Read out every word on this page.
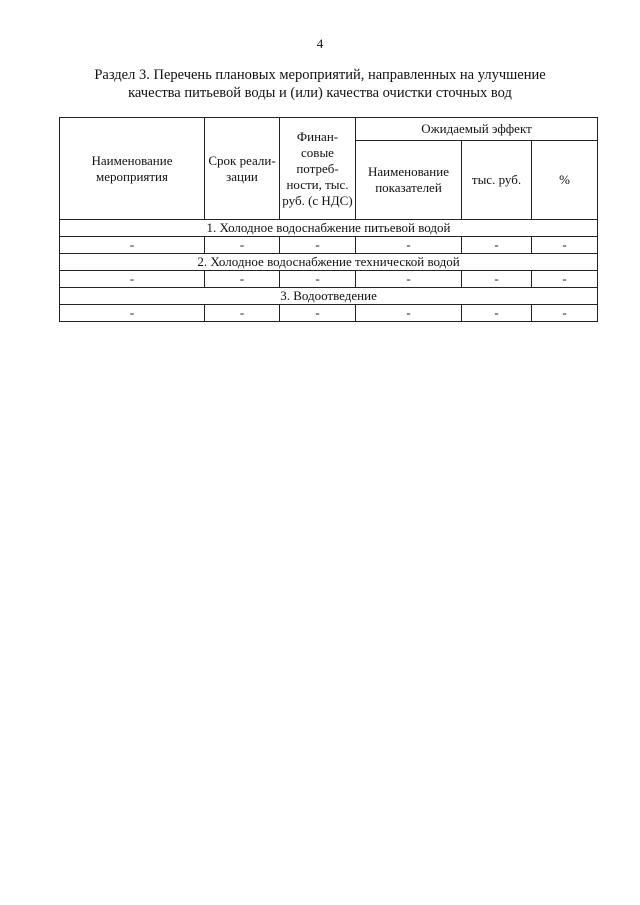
4
Раздел 3. Перечень плановых мероприятий, направленных на улучшение
качества питьевой воды и (или) качества очистки сточных вод
Наименование мероприятия	Срок реали-зации	Финан-совые потреб-ности, тыс. руб. (с НДС)	Ожидаемый эффект		
			Наименование показателей	тыс. руб.	%
1. Холодное водоснабжение питьевой водой					
-	-	-	-	-	-
2. Холодное водоснабжение технической водой					
-	-	-	-	-	-
3. Водоотведение					
-	-	-	-	-	-
